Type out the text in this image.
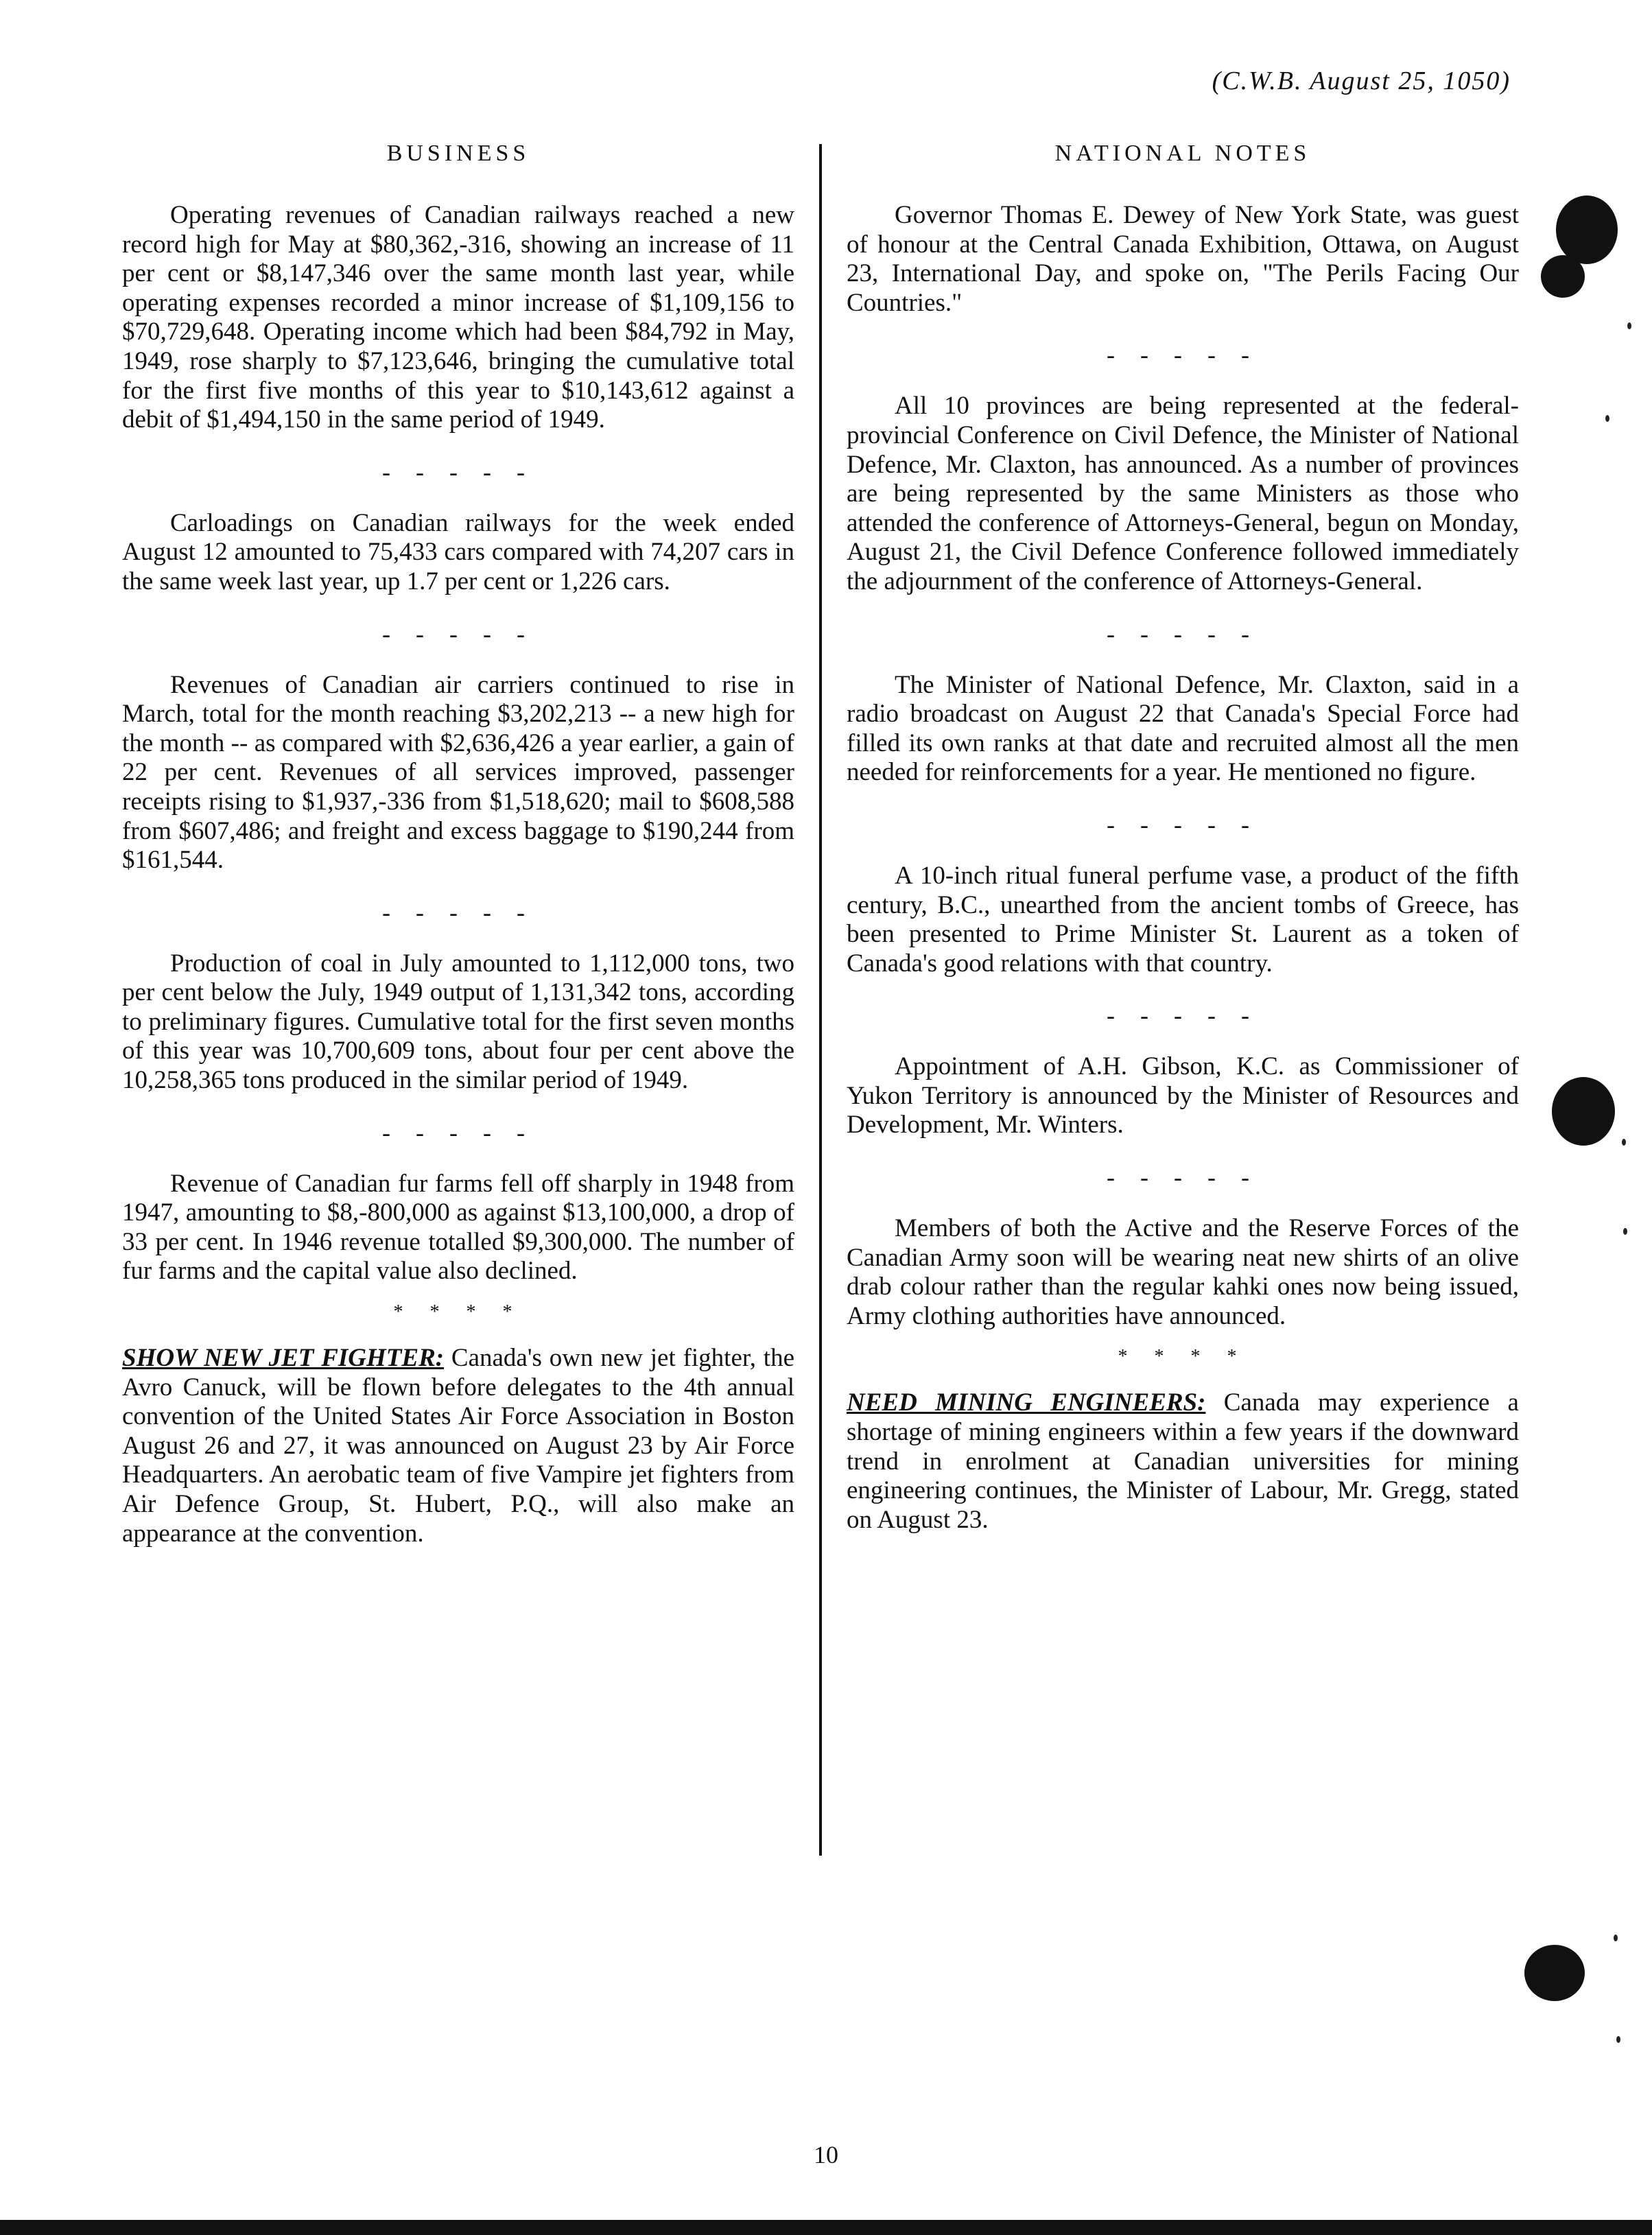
(C.W.B. August 25, 1050)
BUSINESS

Operating revenues of Canadian railways reached a new record high for May at $80,362,-316, showing an increase of 11 per cent or $8,147,346 over the same month last year, while operating expenses recorded a minor increase of $1,109,156 to $70,729,648. Operating income which had been $84,792 in May, 1949, rose sharply to $7,123,646, bringing the cumulative total for the first five months of this year to $10,143,612 against a debit of $1,494,150 in the same period of 1949.

- - - - -

Carloadings on Canadian railways for the week ended August 12 amounted to 75,433 cars compared with 74,207 cars in the same week last year, up 1.7 per cent or 1,226 cars.

- - - - -

Revenues of Canadian air carriers continued to rise in March, total for the month reaching $3,202,213 -- a new high for the month -- as compared with $2,636,426 a year earlier, a gain of 22 per cent. Revenues of all services improved, passenger receipts rising to $1,937,-336 from $1,518,620; mail to $608,588 from $607,486; and freight and excess baggage to $190,244 from $161,544.

- - - - -

Production of coal in July amounted to 1,112,000 tons, two per cent below the July, 1949 output of 1,131,342 tons, according to preliminary figures. Cumulative total for the first seven months of this year was 10,700,609 tons, about four per cent above the 10,258,365 tons produced in the similar period of 1949.

- - - - -

Revenue of Canadian fur farms fell off sharply in 1948 from 1947, amounting to $8,-800,000 as against $13,100,000, a drop of 33 per cent. In 1946 revenue totalled $9,300,000. The number of fur farms and the capital value also declined.

* * * *

SHOW NEW JET FIGHTER: Canada's own new jet fighter, the Avro Canuck, will be flown before delegates to the 4th annual convention of the United States Air Force Association in Boston August 26 and 27, it was announced on August 23 by Air Force Headquarters. An aerobatic team of five Vampire jet fighters from Air Defence Group, St. Hubert, P.Q., will also make an appearance at the convention.

NATIONAL NOTES

Governor Thomas E. Dewey of New York State, was guest of honour at the Central Canada Exhibition, Ottawa, on August 23, International Day, and spoke on, "The Perils Facing Our Countries."

- - - - -

All 10 provinces are being represented at the federal-provincial Conference on Civil Defence, the Minister of National Defence, Mr. Claxton, has announced. As a number of provinces are being represented by the same Ministers as those who attended the conference of Attorneys-General, begun on Monday, August 21, the Civil Defence Conference followed immediately the adjournment of the conference of Attorneys-General.

- - - - -

The Minister of National Defence, Mr. Claxton, said in a radio broadcast on August 22 that Canada's Special Force had filled its own ranks at that date and recruited almost all the men needed for reinforcements for a year. He mentioned no figure.

- - - - -

A 10-inch ritual funeral perfume vase, a product of the fifth century, B.C., unearthed from the ancient tombs of Greece, has been presented to Prime Minister St. Laurent as a token of Canada's good relations with that country.

- - - - -

Appointment of A.H. Gibson, K.C. as Commissioner of Yukon Territory is announced by the Minister of Resources and Development, Mr. Winters.

- - - - -

Members of both the Active and the Reserve Forces of the Canadian Army soon will be wearing neat new shirts of an olive drab colour rather than the regular kahki ones now being issued, Army clothing authorities have announced.

* * * *

NEED MINING ENGINEERS: Canada may experience a shortage of mining engineers within a few years if the downward trend in enrolment at Canadian universities for mining engineering continues, the Minister of Labour, Mr. Gregg, stated on August 23.

10
